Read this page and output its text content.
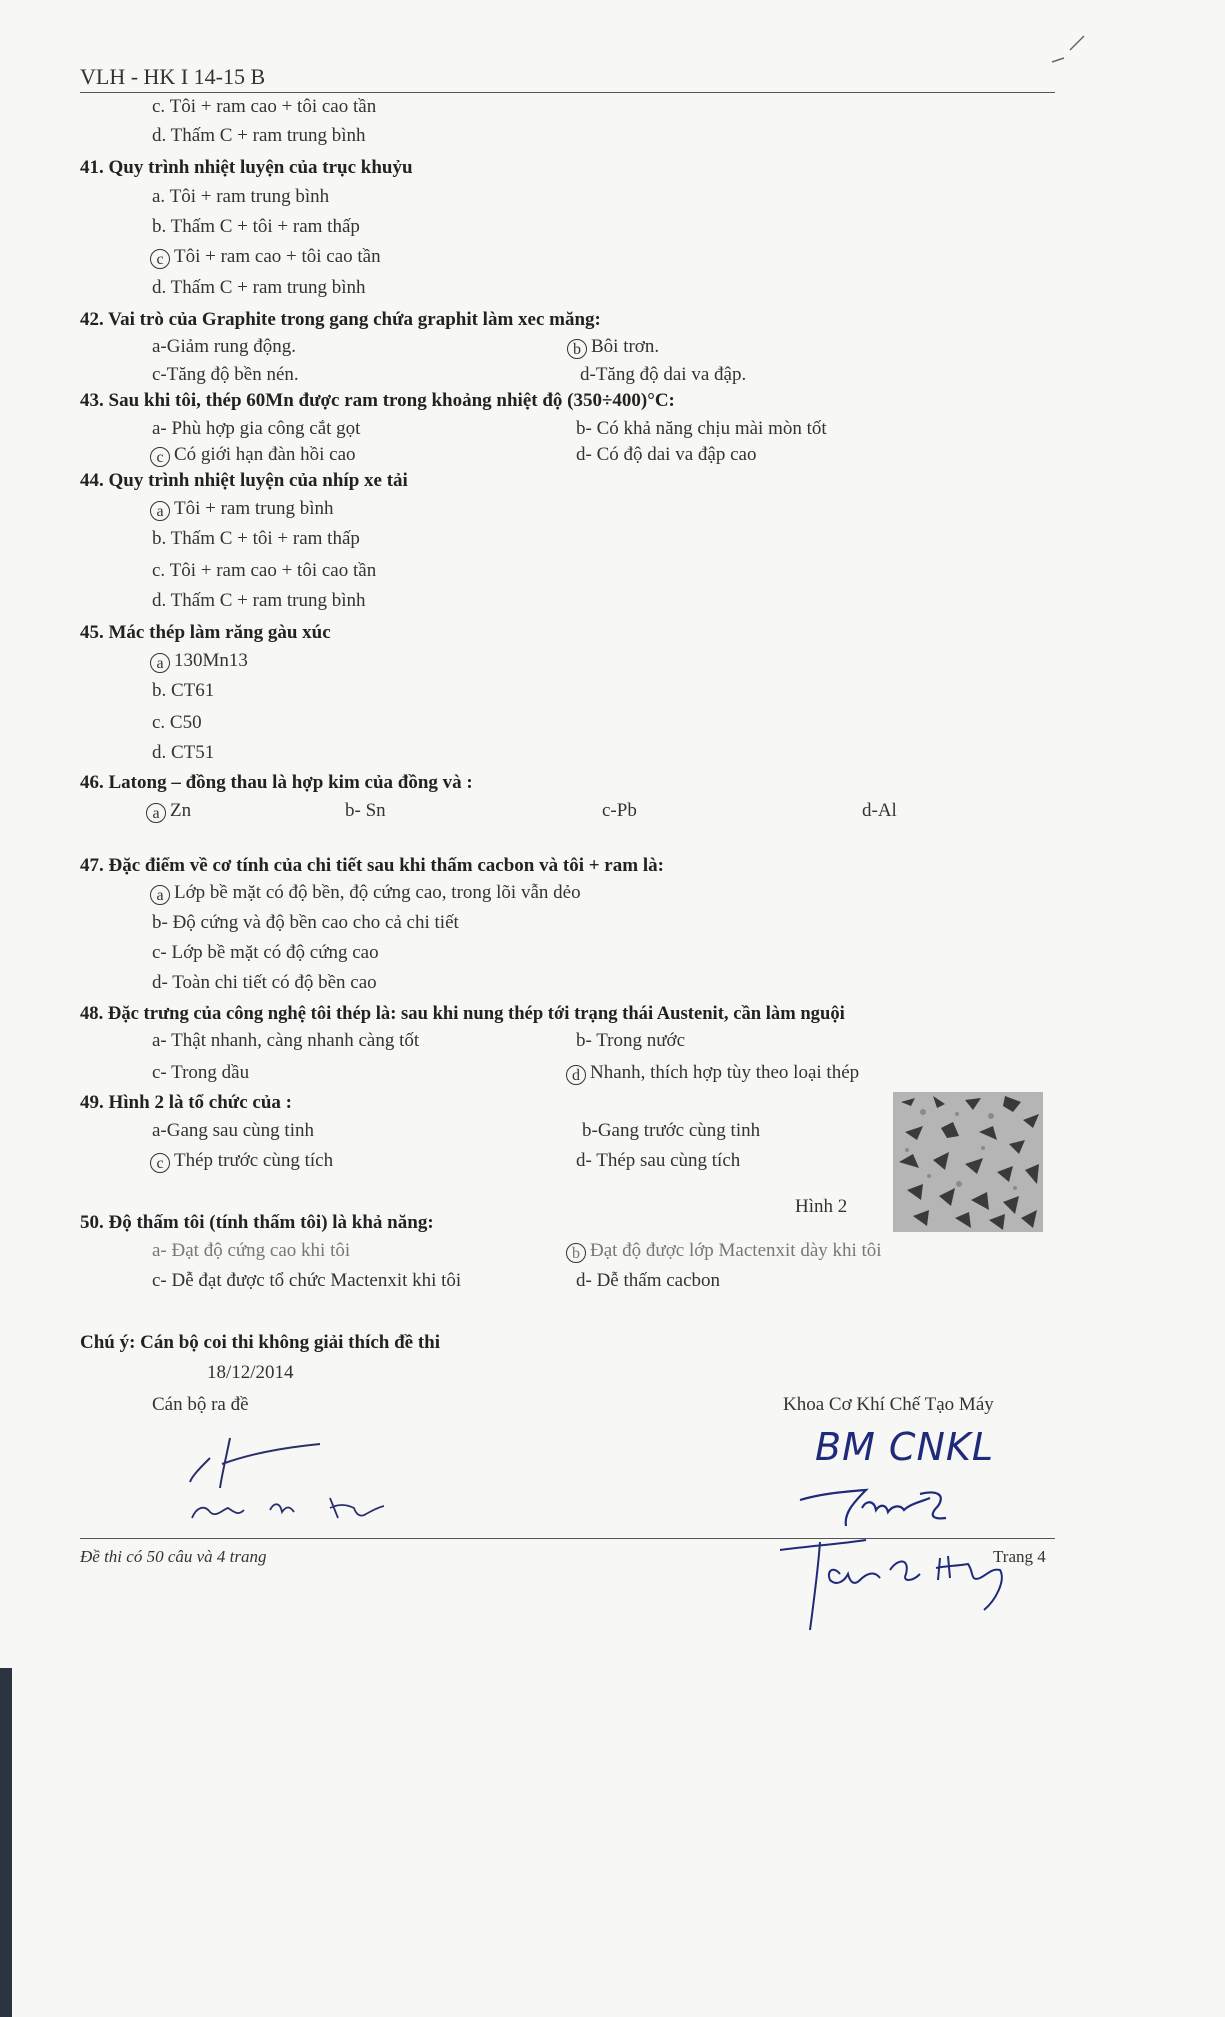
VLH - HK I 14-15 B
c. Tôi + ram cao + tôi cao tần
d. Thấm C + ram trung bình
41. Quy trình nhiệt luyện của trục khuỷu
a. Tôi + ram trung bình
b. Thấm C + tôi + ram thấp
c Tôi + ram cao + tôi cao tần
d. Thấm C + ram trung bình
42. Vai trò của Graphite trong gang chứa graphit làm xec măng:
a-Giảm rung động.	b Bôi trơn.
c-Tăng độ bền nén.	d-Tăng độ dai va đập.
43. Sau khi tôi, thép 60Mn được ram trong khoảng nhiệt độ (350÷400)°C:
a- Phù hợp gia công cắt gọt	b- Có khả năng chịu mài mòn tốt
c Có giới hạn đàn hồi cao	d- Có độ dai va đập cao
44. Quy trình nhiệt luyện của nhíp xe tải
a Tôi + ram trung bình
b. Thấm C + tôi + ram thấp
c. Tôi + ram cao + tôi cao tần
d. Thấm C + ram trung bình
45. Mác thép làm răng gàu xúc
a 130Mn13
b. CT61
c. C50
d. CT51
46. Latong – đồng thau là hợp kim của đồng và :
a Zn	b- Sn	c-Pb	d-Al
47. Đặc điểm về cơ tính của chi tiết sau khi thấm cacbon và tôi + ram là:
a Lớp bề mặt có độ bền, độ cứng cao, trong lõi vẫn dẻo
b- Độ cứng và độ bền cao cho cả chi tiết
c- Lớp bề mặt có độ cứng cao
d- Toàn chi tiết có độ bền cao
48. Đặc trưng của công nghệ tôi thép là: sau khi nung thép tới trạng thái Austenit, cần làm nguội
a- Thật nhanh, càng nhanh càng tốt	b- Trong nước
c- Trong dầu	d Nhanh, thích hợp tùy theo loại thép
49. Hình 2 là tổ chức của :
a-Gang sau cùng tinh	b-Gang trước cùng tinh
c Thép trước cùng tích	d- Thép sau cùng tích
Hình 2
50. Độ thấm tôi (tính thấm tôi) là khả năng:
a- Đạt độ cứng cao khi tôi	b Đạt độ được lớp Mactenxit dày khi tôi
c- Dễ đạt được tổ chức Mactenxit khi tôi	d- Dễ thấm cacbon
Chú ý: Cán bộ coi thi không giải thích đề thi
18/12/2014
Cán bộ ra đề	Khoa Cơ Khí Chế Tạo Máy
BM CNKL
Đề thi có 50 câu và 4 trang	Trang 4
